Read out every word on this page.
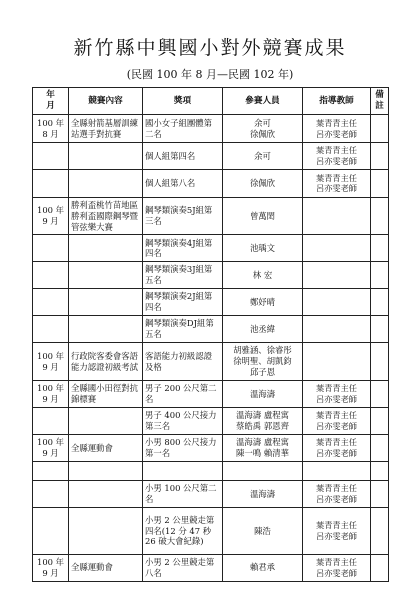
新竹縣中興國小對外競賽成果

(民國 100 年 8 月—民國 102 年)

年
月	競賽內容	獎項	參賽人員	指導教師	備
註
100 年
8 月	全縣射箭基層訓練站選手對抗賽	國小女子組團體第二名	余可
徐佩欣	葉青青主任
呂亦雯老師	
		個人組第四名	余可	葉青青主任
呂亦雯老師	
		個人組第八名	徐佩欣	葉青青主任
呂亦雯老師	
100 年
9 月	勝利盃桃竹苗地區勝利盃國際鋼琴暨管弦樂大賽	鋼琴類演奏5J組第三名	曾萬閎		
		鋼琴類演奏4J組第四名	池瑀文		
		鋼琴類演奏3J組第五名	林 宏		
		鋼琴類演奏2J組第四名	鄭妤晴		
		鋼琴類演奏DJ組第五名	池丞緯		
100 年
9 月	行政院客委會客語能力認證初級考試	客語能力初級認證及格	胡雅涵、徐睿彤
徐明聖、胡凱鈞
邱子恩		
100 年
9 月	全縣國小田徑對抗錦標賽	男子 200 公尺第二名	溫海濤	葉青青主任
呂亦雯老師	
		男子 400 公尺接力第三名	溫海濤 盧程寓
蔡皓禹 郭恩齊	葉青青主任
呂亦雯老師	
100 年
9 月	全縣運動會	小男 800 公尺接力第一名	溫海濤 盧程寓
陳一鳴 賴清華	葉青青主任
呂亦雯老師	

		小男 100 公尺第二名	溫海濤	葉青青主任
呂亦雯老師	
		小男 2 公里競走第四名(12 分 47 秒 26 破大會紀錄)	陳浩	葉青青主任
呂亦雯老師	
100 年
9 月	全縣運動會	小男 2 公里競走第八名	賴君承	葉青青主任
呂亦雯老師	
